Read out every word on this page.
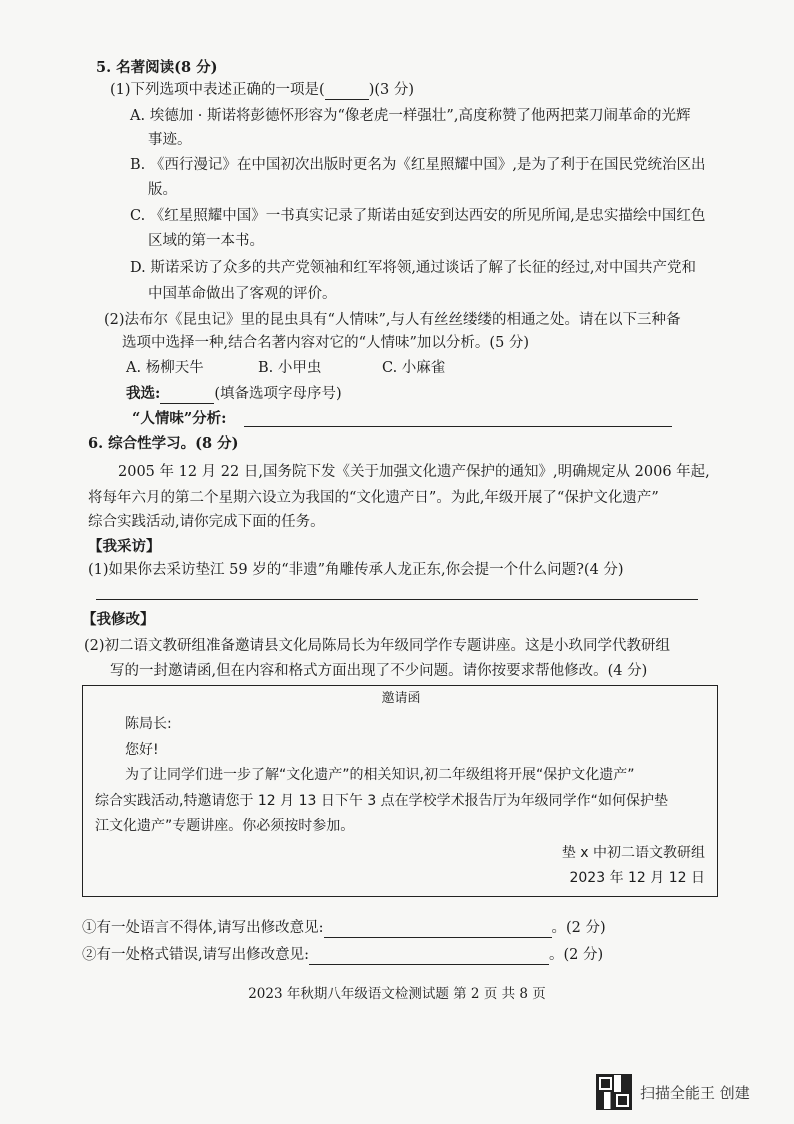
5. 名著阅读(8 分)
(1)下列选项中表述正确的一项是(	)(3 分)
A. 埃德加 · 斯诺将彭德怀形容为“像老虎一样强壮”,高度称赞了他两把菜刀闹革命的光辉
事迹。
B. 《西行漫记》在中国初次出版时更名为《红星照耀中国》,是为了利于在国民党统治区出
版。
C. 《红星照耀中国》一书真实记录了斯诺由延安到达西安的所见所闻,是忠实描绘中国红色
区域的第一本书。
D. 斯诺采访了众多的共产党领袖和红军将领,通过谈话了解了长征的经过,对中国共产党和
中国革命做出了客观的评价。
(2)法布尔《昆虫记》里的昆虫具有“人情味”,与人有丝丝缕缕的相通之处。请在以下三种备
选项中选择一种,结合名著内容对它的“人情味”加以分析。(5 分)
A. 杨柳天牛	B. 小甲虫	C. 小麻雀
我选:	(填备选项字母序号)
“人情味”分析:
6. 综合性学习。(8 分)
2005 年 12 月 22 日,国务院下发《关于加强文化遗产保护的通知》,明确规定从 2006 年起,
将每年六月的第二个星期六设立为我国的“文化遗产日”。为此,年级开展了“保护文化遗产”
综合实践活动,请你完成下面的任务。
【我采访】
(1)如果你去采访垫江 59 岁的“非遗”角雕传承人龙正东,你会提一个什么问题?(4 分)
【我修改】
(2)初二语文教研组准备邀请县文化局陈局长为年级同学作专题讲座。这是小玖同学代教研组
写的一封邀请函,但在内容和格式方面出现了不少问题。请你按要求帮他修改。(4 分)
邀请函
陈局长:
您好!
为了让同学们进一步了解“文化遗产”的相关知识,初二年级组将开展“保护文化遗产”
综合实践活动,特邀请您于 12 月 13 日下午 3 点在学校学术报告厅为年级同学作“如何保护垫
江文化遗产”专题讲座。你必须按时参加。
垫 x 中初二语文教研组
2023 年 12 月 12 日
①有一处语言不得体,请写出修改意见:	。(2 分)
②有一处格式错误,请写出修改意见:	。(2 分)
2023 年秋期八年级语文检测试题 第 2 页 共 8 页
扫描全能王 创建
